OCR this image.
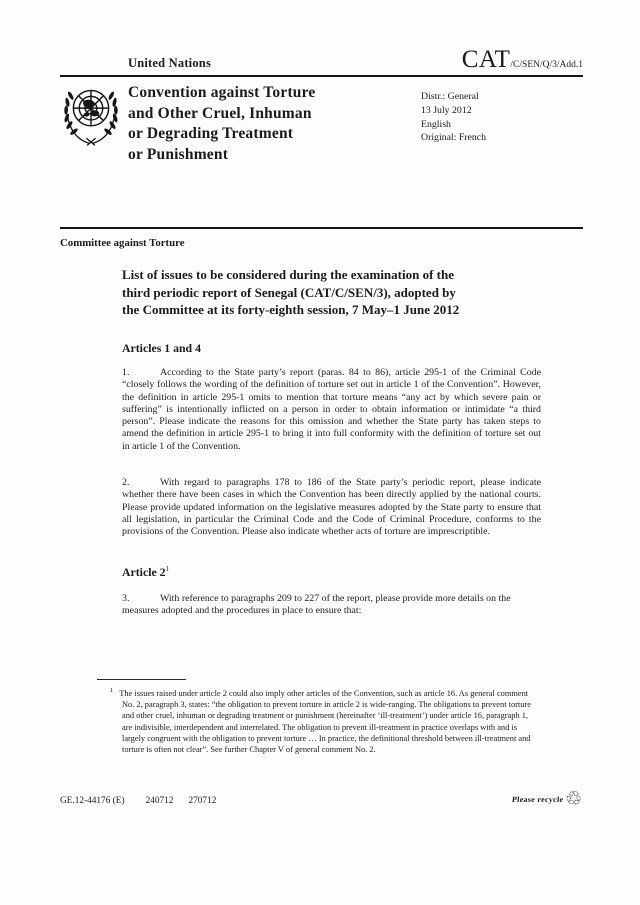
United Nations	CAT /C/SEN/Q/3/Add.1
Convention against Torture
and Other Cruel, Inhuman
or Degrading Treatment
or Punishment
Distr.: General
13 July 2012
English
Original: French
Committee against Torture
List of issues to be considered during the examination of the
third periodic report of Senegal (CAT/C/SEN/3), adopted by
the Committee at its forty-eighth session, 7 May–1 June 2012
Articles 1 and 4
1.	According to the State party’s report (paras. 84 to 86), article 295-1 of the Criminal Code “closely follows the wording of the definition of torture set out in article 1 of the Convention”. However, the definition in article 295-1 omits to mention that torture means “any act by which severe pain or suffering” is intentionally inflicted on a person in order to obtain information or intimidate “a third person”. Please indicate the reasons for this omission and whether the State party has taken steps to amend the definition in article 295-1 to bring it into full conformity with the definition of torture set out in article 1 of the Convention.
2.	With regard to paragraphs 178 to 186 of the State party’s periodic report, please indicate whether there have been cases in which the Convention has been directly applied by the national courts. Please provide updated information on the legislative measures adopted by the State party to ensure that all legislation, in particular the Criminal Code and the Code of Criminal Procedure, conforms to the provisions of the Convention. Please also indicate whether acts of torture are imprescriptible.
Article $2^1$
3.	With reference to paragraphs 209 to 227 of the report, please provide more details on the measures adopted and the procedures in place to ensure that:
$^1$ The issues raised under article 2 could also imply other articles of the Convention, such as article 16. As general comment No. 2, paragraph 3, states: “the obligation to prevent torture in article 2 is wide-ranging. The obligations to prevent torture and other cruel, inhuman or degrading treatment or punishment (hereinafter ‘ill-treatment’) under article 16, paragraph 1, are indivisible, interdependent and interrelated. The obligation to prevent ill-treatment in practice overlaps with and is largely congruent with the obligation to prevent torture … In practice, the definitional threshold between ill-treatment and torture is often not clear”. See further Chapter V of general comment No. 2.
GE.12-44176 (E) 240712 270712	Please recycle ♲
